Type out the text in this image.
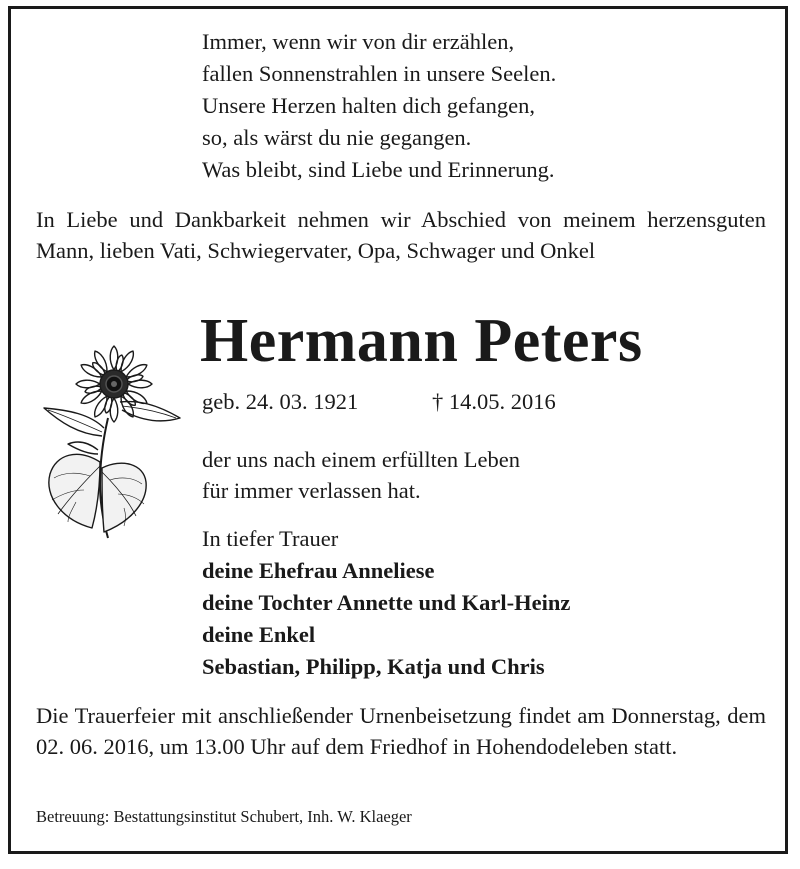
Immer, wenn wir von dir erzählen,
fallen Sonnenstrahlen in unsere Seelen.
Unsere Herzen halten dich gefangen,
so, als wärst du nie gegangen.
Was bleibt, sind Liebe und Erinnerung.
In Liebe und Dankbarkeit nehmen wir Abschied von meinem herzensguten Mann, lieben Vati, Schwiegervater, Opa, Schwager und Onkel
Hermann Peters
geb. 24. 03. 1921	† 14.05. 2016
der uns nach einem erfüllten Leben
für immer verlassen hat.
In tiefer Trauer
deine Ehefrau Anneliese
deine Tochter Annette und Karl-Heinz
deine Enkel
Sebastian, Philipp, Katja und Chris
Die Trauerfeier mit anschließender Urnenbeisetzung findet am Donnerstag, dem 02. 06. 2016, um 13.00 Uhr auf dem Friedhof in Hohendodeleben statt.
Betreuung: Bestattungsinstitut Schubert, Inh. W. Klaeger
